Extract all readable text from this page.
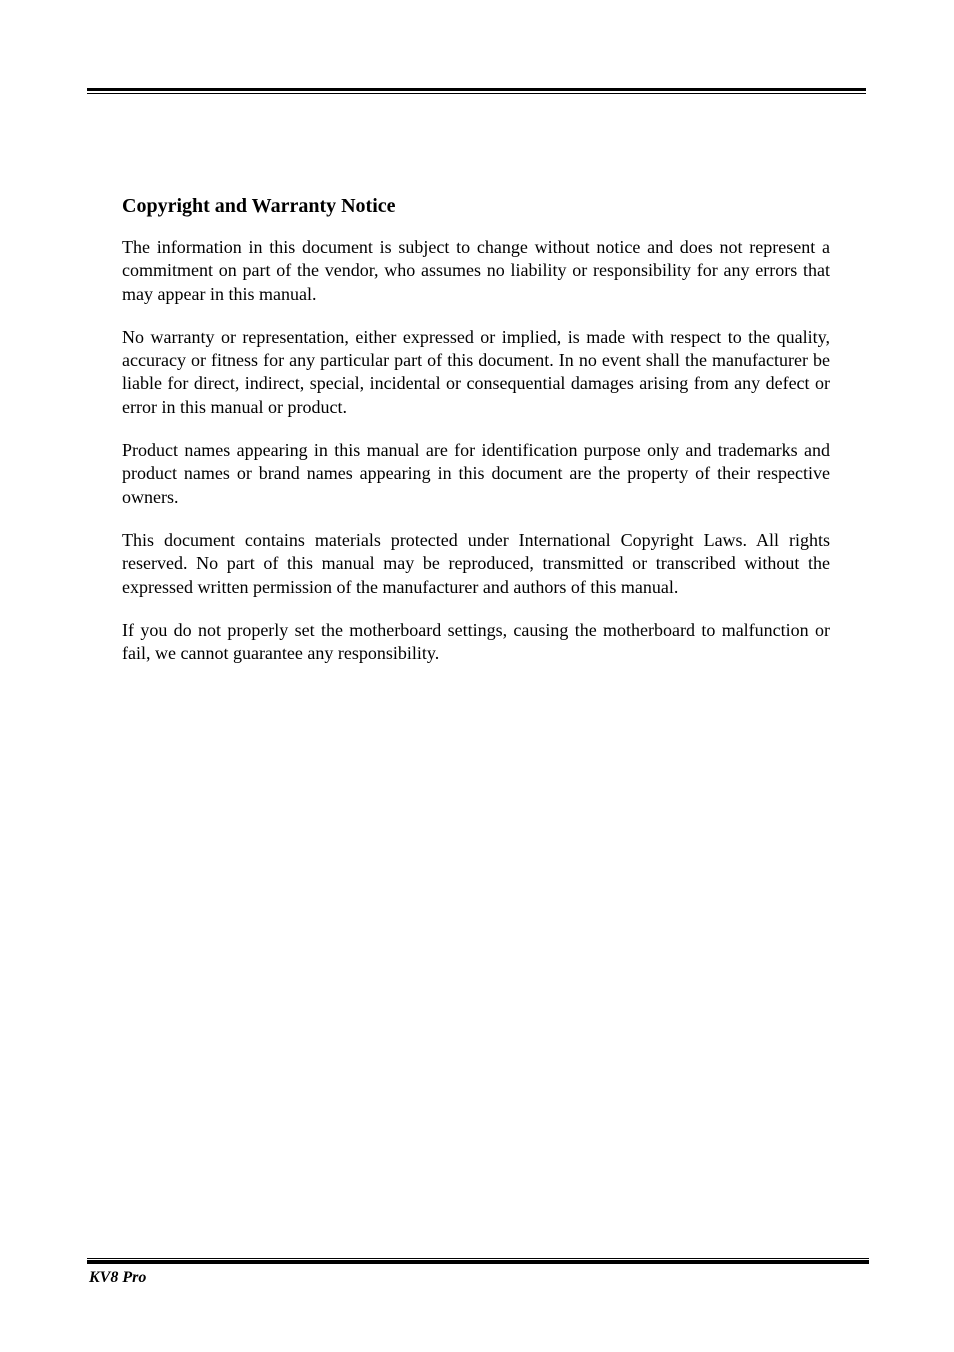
Copyright and Warranty Notice

The information in this document is subject to change without notice and does not represent a commitment on part of the vendor, who assumes no liability or responsibility for any errors that may appear in this manual.

No warranty or representation, either expressed or implied, is made with respect to the quality, accuracy or fitness for any particular part of this document. In no event shall the manufacturer be liable for direct, indirect, special, incidental or consequential damages arising from any defect or error in this manual or product.

Product names appearing in this manual are for identification purpose only and trademarks and product names or brand names appearing in this document are the property of their respective owners.

This document contains materials protected under International Copyright Laws. All rights reserved. No part of this manual may be reproduced, transmitted or transcribed without the expressed written permission of the manufacturer and authors of this manual.

If you do not properly set the motherboard settings, causing the motherboard to malfunction or fail, we cannot guarantee any responsibility.

KV8 Pro
